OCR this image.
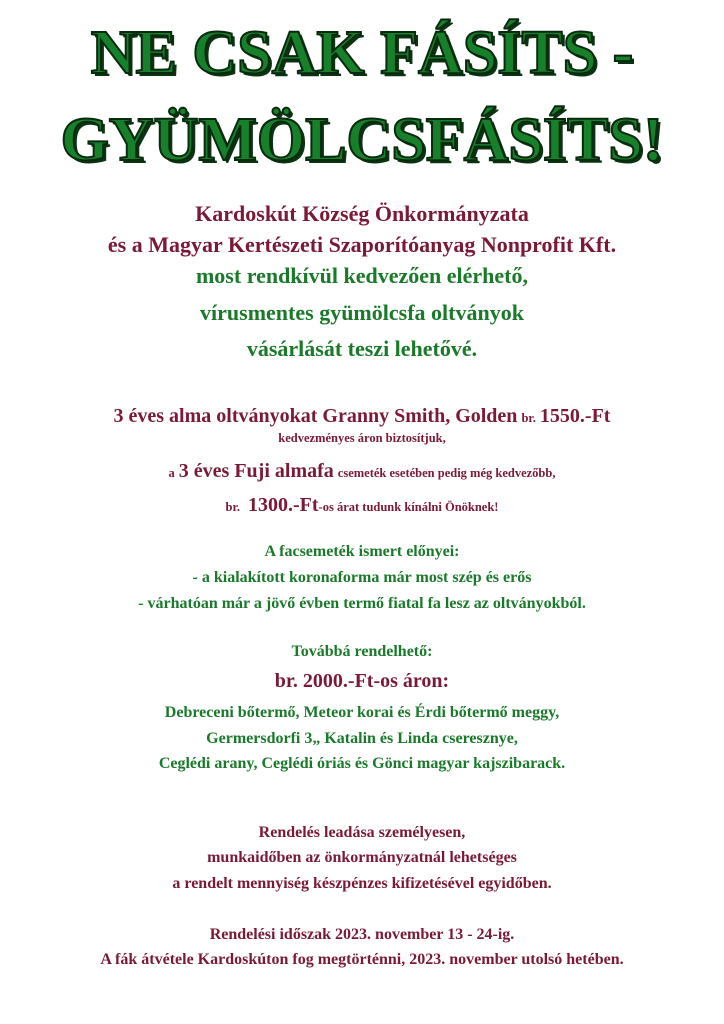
NE CSAK FÁSÍTS -
GYÜMÖLCSFÁSÍTS!

Kardoskút Község Önkormányzata

és a Magyar Kertészeti Szaporítóanyag Nonprofit Kft.

most rendkívül kedvezően elérhető,

vírusmentes gyümölcsfa oltványok

vásárlását teszi lehetővé.

3 éves alma oltványokat Granny Smith, Golden br. 1550.-Ft

kedvezményes áron biztosítjuk,

a 3 éves Fuji almafa csemeték esetében pedig még kedvezőbb,

br. 1300.-Ft-os árat tudunk kínálni Önöknek!

A facsemeték ismert előnyei:

- a kialakított koronaforma már most szép és erős

- várhatóan már a jövő évben termő fiatal fa lesz az oltványokból.

Továbbá rendelhető:

br. 2000.-Ft-os áron:

Debreceni bőtermő, Meteor korai és Érdi bőtermő meggy,

Germersdorfi 3„ Katalin és Linda cseresznye,

Ceglédi arany, Ceglédi óriás és Gönci magyar kajszibarack.

Rendelés leadása személyesen,

munkaidőben az önkormányzatnál lehetséges

a rendelt mennyiség készpénzes kifizetésével egyidőben.

Rendelési időszak 2023. november 13 - 24-ig.

A fák átvétele Kardoskúton fog megtörténni, 2023. november utolsó hetében.
